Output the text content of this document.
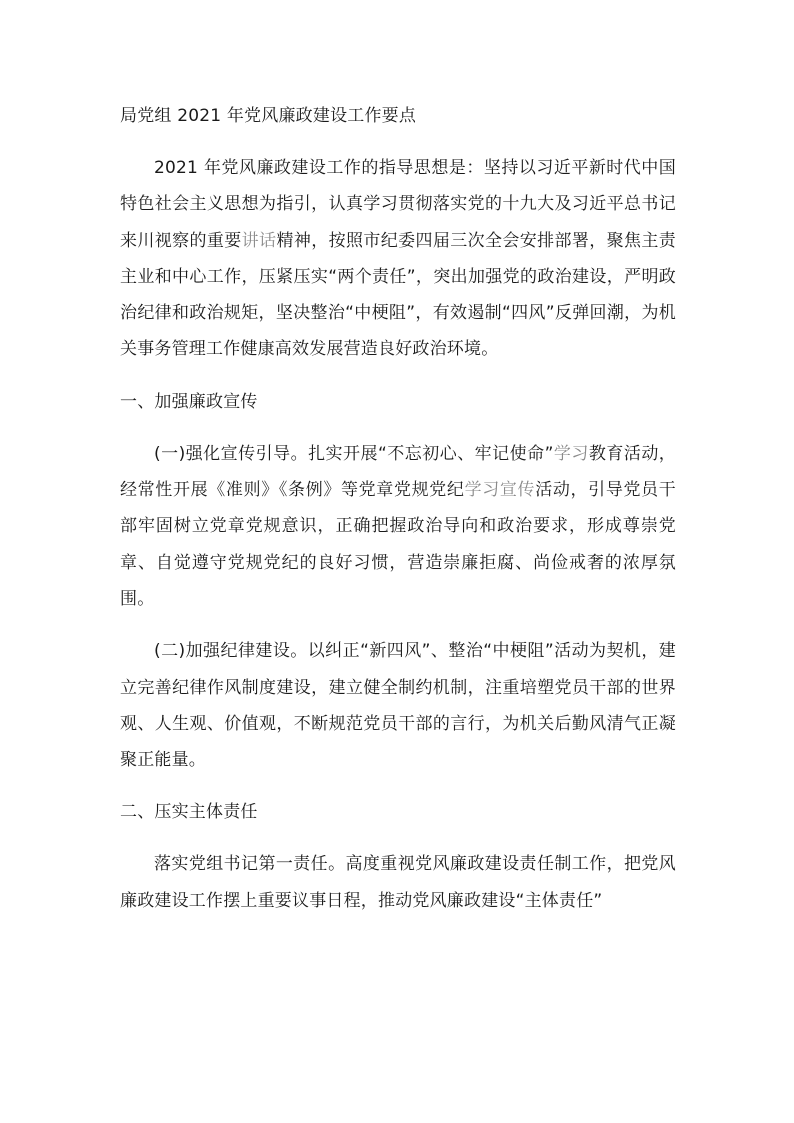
局党组 2021 年党风廉政建设工作要点

2021 年党风廉政建设工作的指导思想是：坚持以习近平新时代中国特色社会主义思想为指引，认真学习贯彻落实党的十九大及习近平总书记来川视察的重要讲话精神，按照市纪委四届三次全会安排部署，聚焦主责主业和中心工作，压紧压实“两个责任”，突出加强党的政治建设，严明政治纪律和政治规矩，坚决整治“中梗阻”，有效遏制“四风”反弹回潮，为机关事务管理工作健康高效发展营造良好政治环境。

一、加强廉政宣传

(一)强化宣传引导。扎实开展“不忘初心、牢记使命”学习教育活动，经常性开展《准则》《条例》等党章党规党纪学习宣传活动，引导党员干部牢固树立党章党规意识，正确把握政治导向和政治要求，形成尊崇党章、自觉遵守党规党纪的良好习惯，营造崇廉拒腐、尚俭戒奢的浓厚氛围。

(二)加强纪律建设。以纠正“新四风”、整治“中梗阻”活动为契机，建立完善纪律作风制度建设，建立健全制约机制，注重培塑党员干部的世界观、人生观、价值观，不断规范党员干部的言行，为机关后勤风清气正凝聚正能量。

二、压实主体责任

落实党组书记第一责任。高度重视党风廉政建设责任制工作，把党风廉政建设工作摆上重要议事日程，推动党风廉政建设“主体责任”
